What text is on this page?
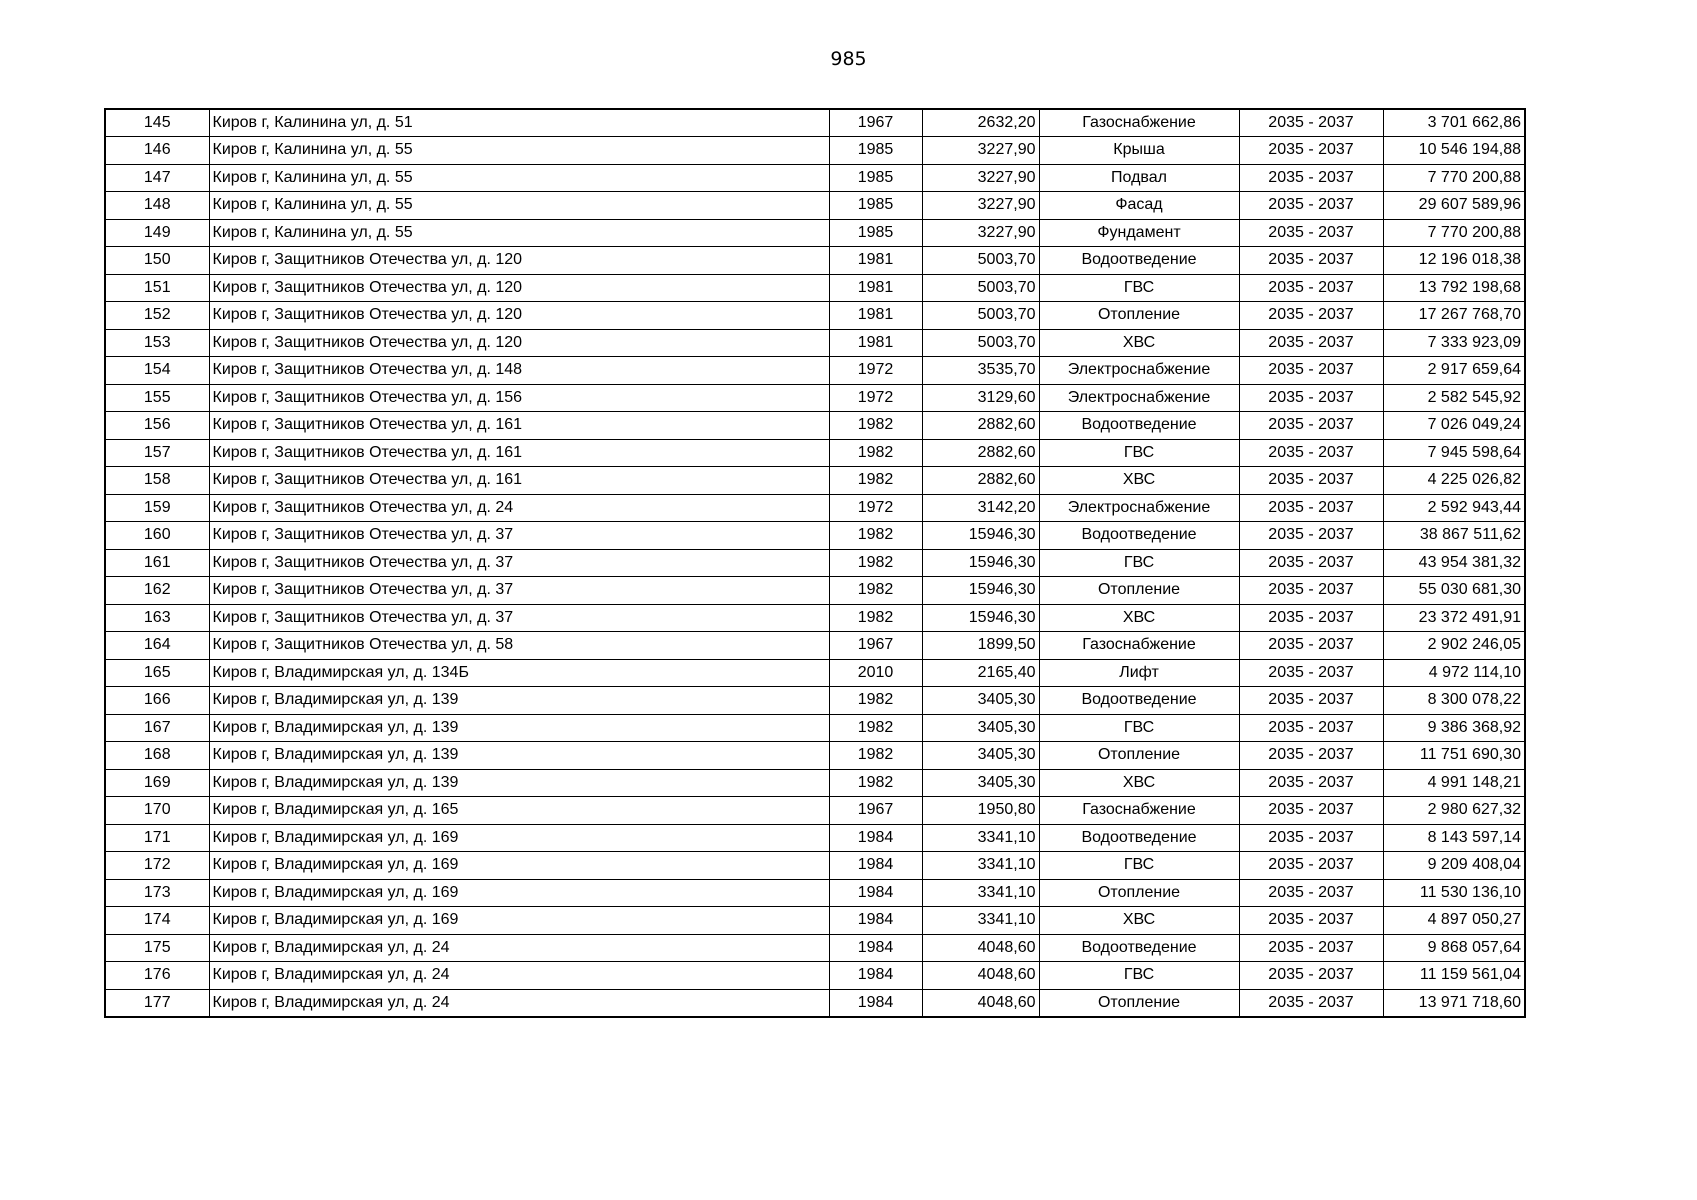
985
145	Киров г, Калинина ул, д. 51	1967	2632,20	Газоснабжение	2035 - 2037	3 701 662,86
146	Киров г, Калинина ул, д. 55	1985	3227,90	Крыша	2035 - 2037	10 546 194,88
147	Киров г, Калинина ул, д. 55	1985	3227,90	Подвал	2035 - 2037	7 770 200,88
148	Киров г, Калинина ул, д. 55	1985	3227,90	Фасад	2035 - 2037	29 607 589,96
149	Киров г, Калинина ул, д. 55	1985	3227,90	Фундамент	2035 - 2037	7 770 200,88
150	Киров г, Защитников Отечества ул, д. 120	1981	5003,70	Водоотведение	2035 - 2037	12 196 018,38
151	Киров г, Защитников Отечества ул, д. 120	1981	5003,70	ГВС	2035 - 2037	13 792 198,68
152	Киров г, Защитников Отечества ул, д. 120	1981	5003,70	Отопление	2035 - 2037	17 267 768,70
153	Киров г, Защитников Отечества ул, д. 120	1981	5003,70	ХВС	2035 - 2037	7 333 923,09
154	Киров г, Защитников Отечества ул, д. 148	1972	3535,70	Электроснабжение	2035 - 2037	2 917 659,64
155	Киров г, Защитников Отечества ул, д. 156	1972	3129,60	Электроснабжение	2035 - 2037	2 582 545,92
156	Киров г, Защитников Отечества ул, д. 161	1982	2882,60	Водоотведение	2035 - 2037	7 026 049,24
157	Киров г, Защитников Отечества ул, д. 161	1982	2882,60	ГВС	2035 - 2037	7 945 598,64
158	Киров г, Защитников Отечества ул, д. 161	1982	2882,60	ХВС	2035 - 2037	4 225 026,82
159	Киров г, Защитников Отечества ул, д. 24	1972	3142,20	Электроснабжение	2035 - 2037	2 592 943,44
160	Киров г, Защитников Отечества ул, д. 37	1982	15946,30	Водоотведение	2035 - 2037	38 867 511,62
161	Киров г, Защитников Отечества ул, д. 37	1982	15946,30	ГВС	2035 - 2037	43 954 381,32
162	Киров г, Защитников Отечества ул, д. 37	1982	15946,30	Отопление	2035 - 2037	55 030 681,30
163	Киров г, Защитников Отечества ул, д. 37	1982	15946,30	ХВС	2035 - 2037	23 372 491,91
164	Киров г, Защитников Отечества ул, д. 58	1967	1899,50	Газоснабжение	2035 - 2037	2 902 246,05
165	Киров г, Владимирская ул, д. 134Б	2010	2165,40	Лифт	2035 - 2037	4 972 114,10
166	Киров г, Владимирская ул, д. 139	1982	3405,30	Водоотведение	2035 - 2037	8 300 078,22
167	Киров г, Владимирская ул, д. 139	1982	3405,30	ГВС	2035 - 2037	9 386 368,92
168	Киров г, Владимирская ул, д. 139	1982	3405,30	Отопление	2035 - 2037	11 751 690,30
169	Киров г, Владимирская ул, д. 139	1982	3405,30	ХВС	2035 - 2037	4 991 148,21
170	Киров г, Владимирская ул, д. 165	1967	1950,80	Газоснабжение	2035 - 2037	2 980 627,32
171	Киров г, Владимирская ул, д. 169	1984	3341,10	Водоотведение	2035 - 2037	8 143 597,14
172	Киров г, Владимирская ул, д. 169	1984	3341,10	ГВС	2035 - 2037	9 209 408,04
173	Киров г, Владимирская ул, д. 169	1984	3341,10	Отопление	2035 - 2037	11 530 136,10
174	Киров г, Владимирская ул, д. 169	1984	3341,10	ХВС	2035 - 2037	4 897 050,27
175	Киров г, Владимирская ул, д. 24	1984	4048,60	Водоотведение	2035 - 2037	9 868 057,64
176	Киров г, Владимирская ул, д. 24	1984	4048,60	ГВС	2035 - 2037	11 159 561,04
177	Киров г, Владимирская ул, д. 24	1984	4048,60	Отопление	2035 - 2037	13 971 718,60
